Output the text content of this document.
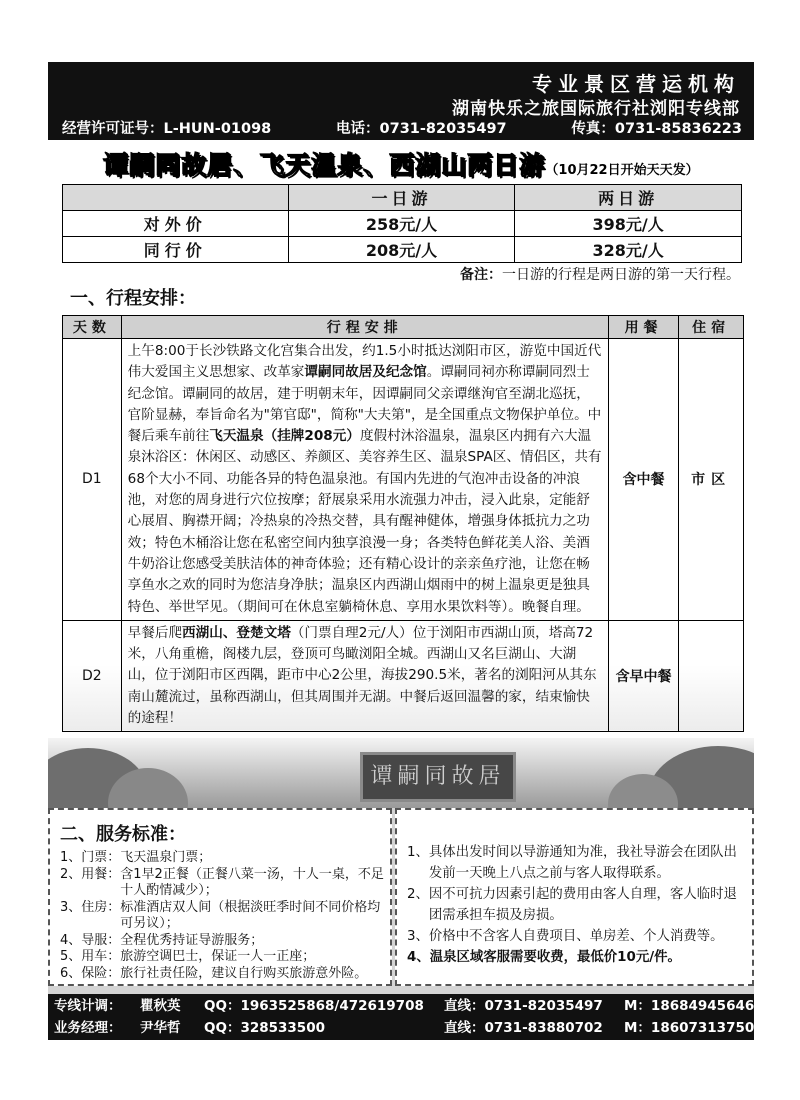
专业景区营运机构
湖南快乐之旅国际旅行社浏阳专线部
经营许可证号：L-HUN-01098	电话：0731-82035497	传真：0731-85836223
谭嗣同故居、飞天温泉、西湖山两日游（10月22日开始天天发）
	一日游	两日游
对外价	258元/人	398元/人
同行价	208元/人	328元/人
备注：一日游的行程是两日游的第一天行程。
一、行程安排：
天数	行程安排	用餐	住宿
D1	上午8:00于长沙铁路文化宫集合出发，约1.5小时抵达浏阳市区，游览中国近代伟大爱国主义思想家、改革家谭嗣同故居及纪念馆。谭嗣同祠亦称谭嗣同烈士纪念馆。谭嗣同的故居，建于明朝末年，因谭嗣同父亲谭继洵官至湖北巡抚，官阶显赫，奉旨命名为"第官邸"，简称"大夫第"，是全国重点文物保护单位。中餐后乘车前往飞天温泉（挂牌208元）度假村沐浴温泉，温泉区内拥有六大温泉沐浴区：休闲区、动感区、养颜区、美容养生区、温泉SPA区、情侣区，共有68个大小不同、功能各异的特色温泉池。有国内先进的气泡冲击设备的冲浪池，对您的周身进行穴位按摩；舒展泉采用水流强力冲击，浸入此泉，定能舒心展眉、胸襟开阔；冷热泉的冷热交替，具有醒神健体，增强身体抵抗力之功效；特色木桶浴让您在私密空间内独享浪漫一身；各类特色鲜花美人浴、美酒牛奶浴让您感受美肤洁体的神奇体验；还有精心设计的亲亲鱼疗池，让您在畅享鱼水之欢的同时为您洁身净肤；温泉区内西湖山烟雨中的树上温泉更是独具特色、举世罕见。（期间可在休息室躺椅休息、享用水果饮料等）。晚餐自理。	含中餐	市区
D2	早餐后爬西湖山、登楚文塔（门票自理2元/人）位于浏阳市西湖山顶，塔高72米，八角重檐，阁楼九层，登顶可鸟瞰浏阳全城。西湖山又名巨湖山、大湖山，位于浏阳市区西隅，距市中心2公里，海拔290.5米，著名的浏阳河从其东南山麓流过，虽称西湖山，但其周围并无湖。中餐后返回温馨的家，结束愉快的途程！	含早中餐	
谭嗣同故居
二、服务标准：
1、门票： 飞天温泉门票；
2、用餐： 含1早2正餐（正餐八菜一汤，十人一桌，不足十人酌情减少）；
3、住房： 标准酒店双人间（根据淡旺季时间不同价格均可另议）；
4、导服： 全程优秀持证导游服务；
5、用车： 旅游空调巴士，保证一人一正座；
6、保险： 旅行社责任险，建议自行购买旅游意外险。
1、 具体出发时间以导游通知为准，我社导游会在团队出发前一天晚上八点之前与客人取得联系。
2、 因不可抗力因素引起的费用由客人自理，客人临时退团需承担车损及房损。
3、 价格中不含客人自费项目、单房差、个人消费等。
4、 温泉区域客服需要收费，最低价10元/件。
专线计调： 瞿秋英 QQ：1963525868/472619708 直线：0731-82035497 M：18684945646
业务经理： 尹华哲 QQ：328533500	直线：0731-83880702 M：18607313750
